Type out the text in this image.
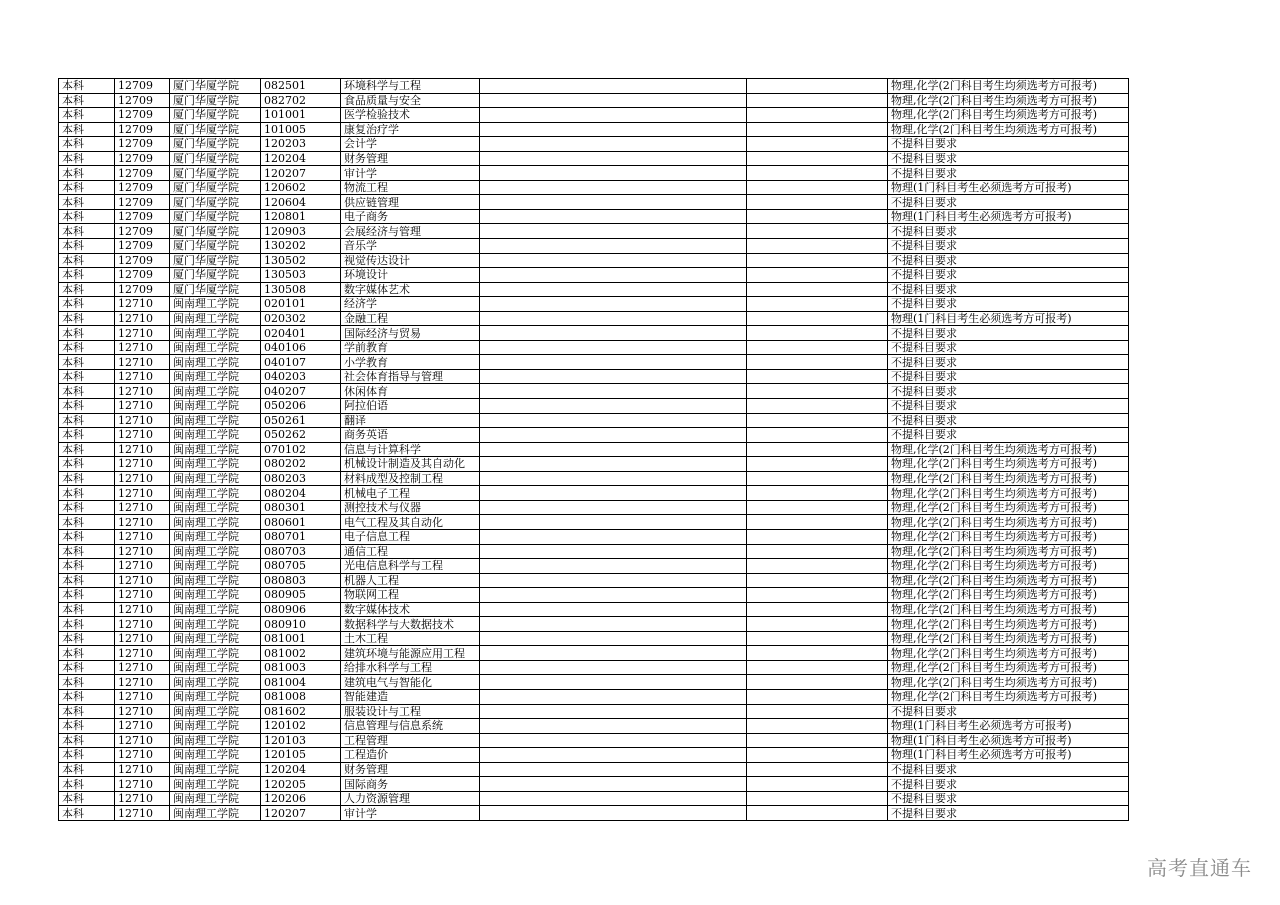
本科	12709	厦门华厦学院	082501	环境科学与工程			物理,化学(2门科目考生均须选考方可报考)
本科	12709	厦门华厦学院	082702	食品质量与安全			物理,化学(2门科目考生均须选考方可报考)
本科	12709	厦门华厦学院	101001	医学检验技术			物理,化学(2门科目考生均须选考方可报考)
本科	12709	厦门华厦学院	101005	康复治疗学			物理,化学(2门科目考生均须选考方可报考)
本科	12709	厦门华厦学院	120203	会计学			不提科目要求
本科	12709	厦门华厦学院	120204	财务管理			不提科目要求
本科	12709	厦门华厦学院	120207	审计学			不提科目要求
本科	12709	厦门华厦学院	120602	物流工程			物理(1门科目考生必须选考方可报考)
本科	12709	厦门华厦学院	120604	供应链管理			不提科目要求
本科	12709	厦门华厦学院	120801	电子商务			物理(1门科目考生必须选考方可报考)
本科	12709	厦门华厦学院	120903	会展经济与管理			不提科目要求
本科	12709	厦门华厦学院	130202	音乐学			不提科目要求
本科	12709	厦门华厦学院	130502	视觉传达设计			不提科目要求
本科	12709	厦门华厦学院	130503	环境设计			不提科目要求
本科	12709	厦门华厦学院	130508	数字媒体艺术			不提科目要求
本科	12710	闽南理工学院	020101	经济学			不提科目要求
本科	12710	闽南理工学院	020302	金融工程			物理(1门科目考生必须选考方可报考)
本科	12710	闽南理工学院	020401	国际经济与贸易			不提科目要求
本科	12710	闽南理工学院	040106	学前教育			不提科目要求
本科	12710	闽南理工学院	040107	小学教育			不提科目要求
本科	12710	闽南理工学院	040203	社会体育指导与管理			不提科目要求
本科	12710	闽南理工学院	040207	休闲体育			不提科目要求
本科	12710	闽南理工学院	050206	阿拉伯语			不提科目要求
本科	12710	闽南理工学院	050261	翻译			不提科目要求
本科	12710	闽南理工学院	050262	商务英语			不提科目要求
本科	12710	闽南理工学院	070102	信息与计算科学			物理,化学(2门科目考生均须选考方可报考)
本科	12710	闽南理工学院	080202	机械设计制造及其自动化			物理,化学(2门科目考生均须选考方可报考)
本科	12710	闽南理工学院	080203	材料成型及控制工程			物理,化学(2门科目考生均须选考方可报考)
本科	12710	闽南理工学院	080204	机械电子工程			物理,化学(2门科目考生均须选考方可报考)
本科	12710	闽南理工学院	080301	测控技术与仪器			物理,化学(2门科目考生均须选考方可报考)
本科	12710	闽南理工学院	080601	电气工程及其自动化			物理,化学(2门科目考生均须选考方可报考)
本科	12710	闽南理工学院	080701	电子信息工程			物理,化学(2门科目考生均须选考方可报考)
本科	12710	闽南理工学院	080703	通信工程			物理,化学(2门科目考生均须选考方可报考)
本科	12710	闽南理工学院	080705	光电信息科学与工程			物理,化学(2门科目考生均须选考方可报考)
本科	12710	闽南理工学院	080803	机器人工程			物理,化学(2门科目考生均须选考方可报考)
本科	12710	闽南理工学院	080905	物联网工程			物理,化学(2门科目考生均须选考方可报考)
本科	12710	闽南理工学院	080906	数字媒体技术			物理,化学(2门科目考生均须选考方可报考)
本科	12710	闽南理工学院	080910	数据科学与大数据技术			物理,化学(2门科目考生均须选考方可报考)
本科	12710	闽南理工学院	081001	土木工程			物理,化学(2门科目考生均须选考方可报考)
本科	12710	闽南理工学院	081002	建筑环境与能源应用工程			物理,化学(2门科目考生均须选考方可报考)
本科	12710	闽南理工学院	081003	给排水科学与工程			物理,化学(2门科目考生均须选考方可报考)
本科	12710	闽南理工学院	081004	建筑电气与智能化			物理,化学(2门科目考生均须选考方可报考)
本科	12710	闽南理工学院	081008	智能建造			物理,化学(2门科目考生均须选考方可报考)
本科	12710	闽南理工学院	081602	服装设计与工程			不提科目要求
本科	12710	闽南理工学院	120102	信息管理与信息系统			物理(1门科目考生必须选考方可报考)
本科	12710	闽南理工学院	120103	工程管理			物理(1门科目考生必须选考方可报考)
本科	12710	闽南理工学院	120105	工程造价			物理(1门科目考生必须选考方可报考)
本科	12710	闽南理工学院	120204	财务管理			不提科目要求
本科	12710	闽南理工学院	120205	国际商务			不提科目要求
本科	12710	闽南理工学院	120206	人力资源管理			不提科目要求
本科	12710	闽南理工学院	120207	审计学			不提科目要求
高考直通车
